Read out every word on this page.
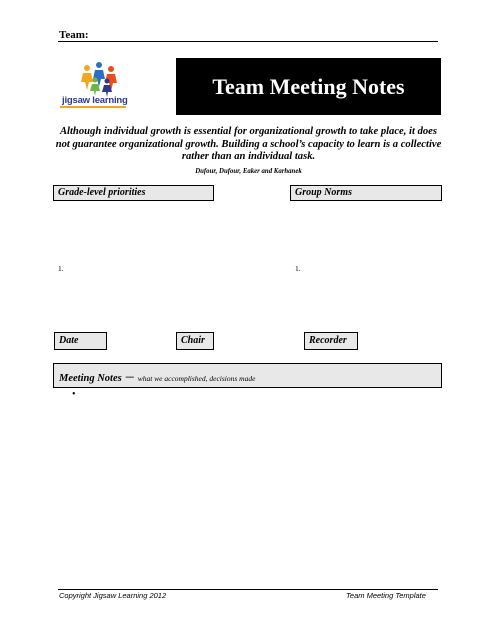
Team:
jigsaw learning
Team Meeting Notes
Although individual growth is essential for organizational growth to take place, it does not guarantee organizational growth. Building a school’s capacity to learn is a collective rather than an individual task.
Dufour, Dufour, Eaker and Karhanek
Grade-level priorities	Group Norms
1.	1.
Date	Chair	Recorder
Meeting Notes – what we accomplished, decisions made
•
Copyright Jigsaw Learning 2012	Team Meeting Template
